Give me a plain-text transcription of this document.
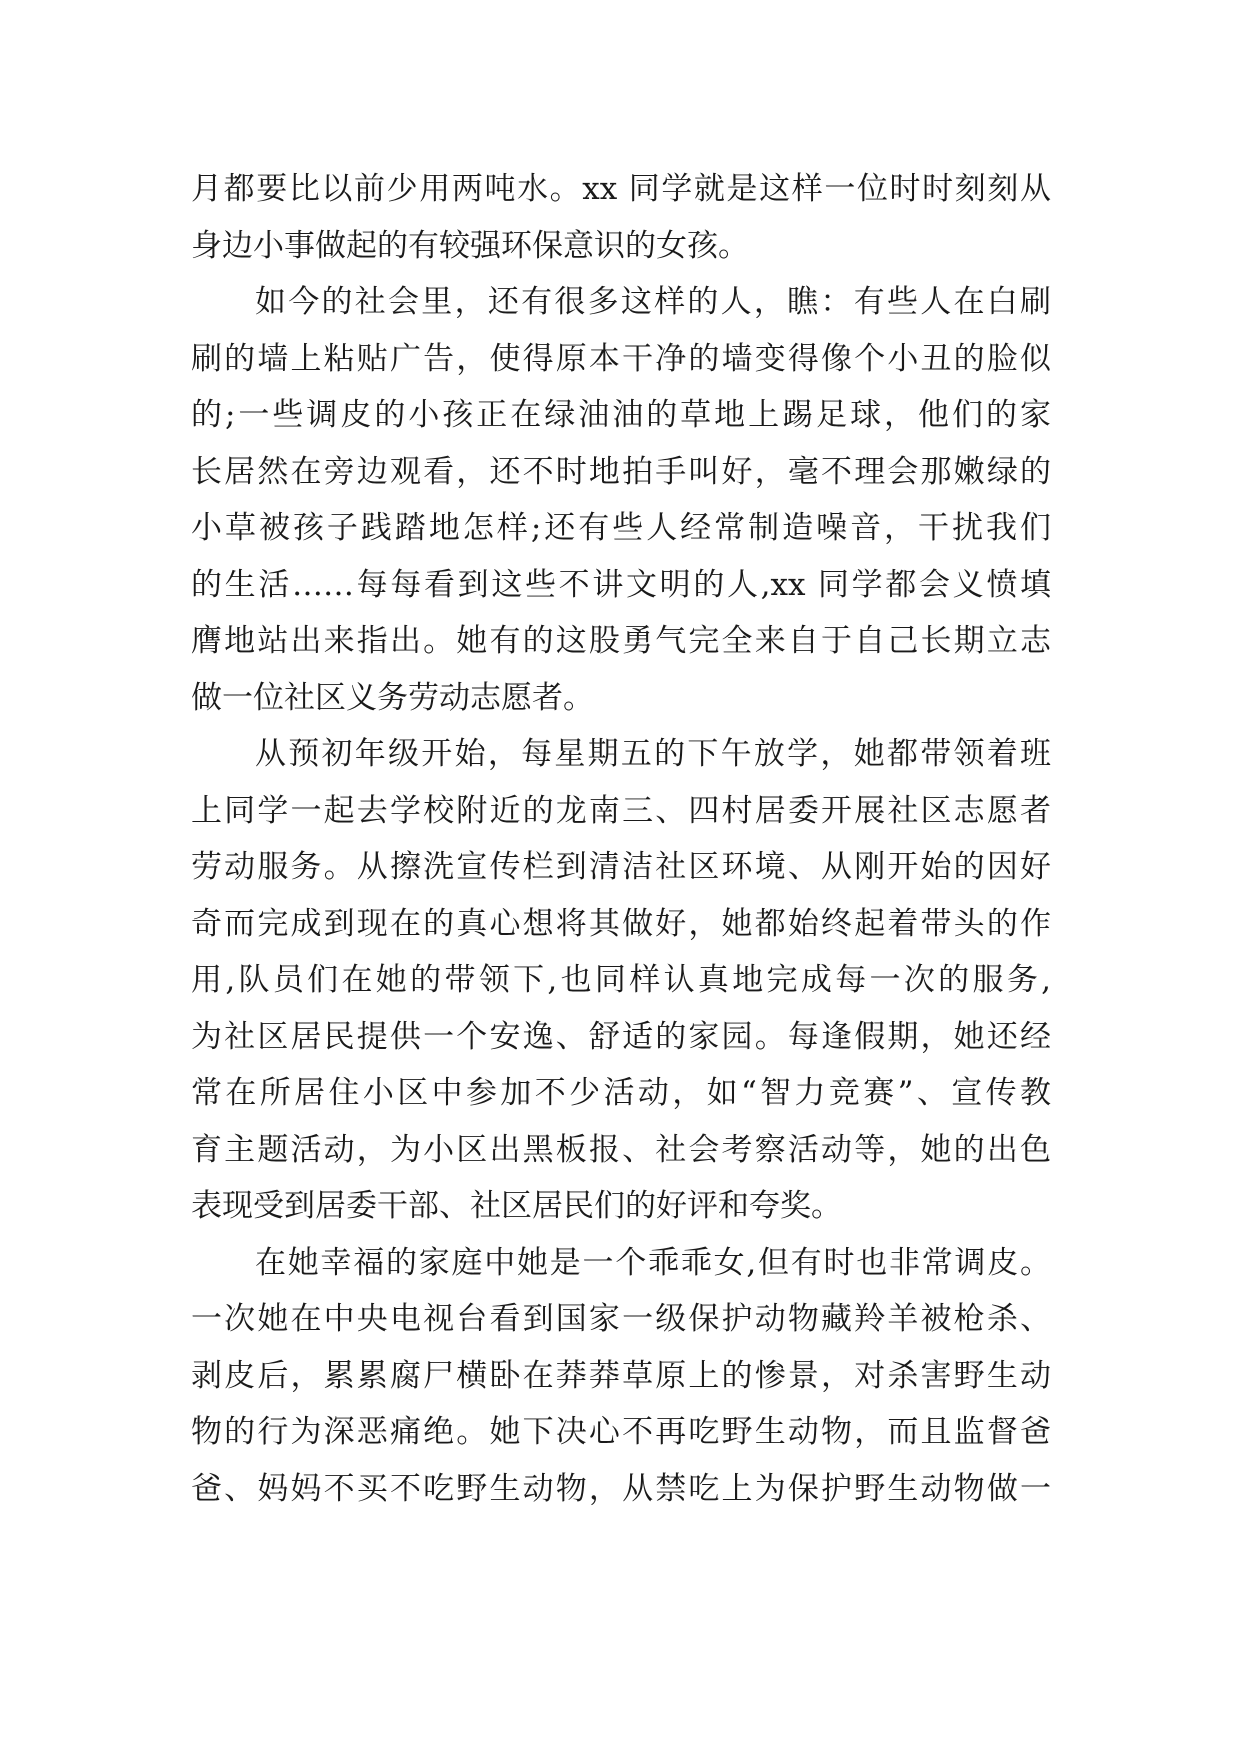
月都要比以前少用两吨水。xx 同学就是这样一位时时刻刻从
身边小事做起的有较强环保意识的女孩。
如今的社会里，还有很多这样的人，瞧：有些人在白刷
刷的墙上粘贴广告，使得原本干净的墙变得像个小丑的脸似
的;一些调皮的小孩正在绿油油的草地上踢足球，他们的家
长居然在旁边观看，还不时地拍手叫好，毫不理会那嫩绿的
小草被孩子践踏地怎样;还有些人经常制造噪音，干扰我们
的生活……每每看到这些不讲文明的人,xx 同学都会义愤填
膺地站出来指出。她有的这股勇气完全来自于自己长期立志
做一位社区义务劳动志愿者。
从预初年级开始，每星期五的下午放学，她都带领着班
上同学一起去学校附近的龙南三、四村居委开展社区志愿者
劳动服务。从擦洗宣传栏到清洁社区环境、从刚开始的因好
奇而完成到现在的真心想将其做好，她都始终起着带头的作
用,队员们在她的带领下,也同样认真地完成每一次的服务,
为社区居民提供一个安逸、舒适的家园。每逢假期，她还经
常在所居住小区中参加不少活动，如“智力竞赛”、宣传教
育主题活动，为小区出黑板报、社会考察活动等，她的出色
表现受到居委干部、社区居民们的好评和夸奖。
在她幸福的家庭中她是一个乖乖女,但有时也非常调皮。
一次她在中央电视台看到国家一级保护动物藏羚羊被枪杀、
剥皮后，累累腐尸横卧在莽莽草原上的惨景，对杀害野生动
物的行为深恶痛绝。她下决心不再吃野生动物，而且监督爸
爸、妈妈不买不吃野生动物，从禁吃上为保护野生动物做一
